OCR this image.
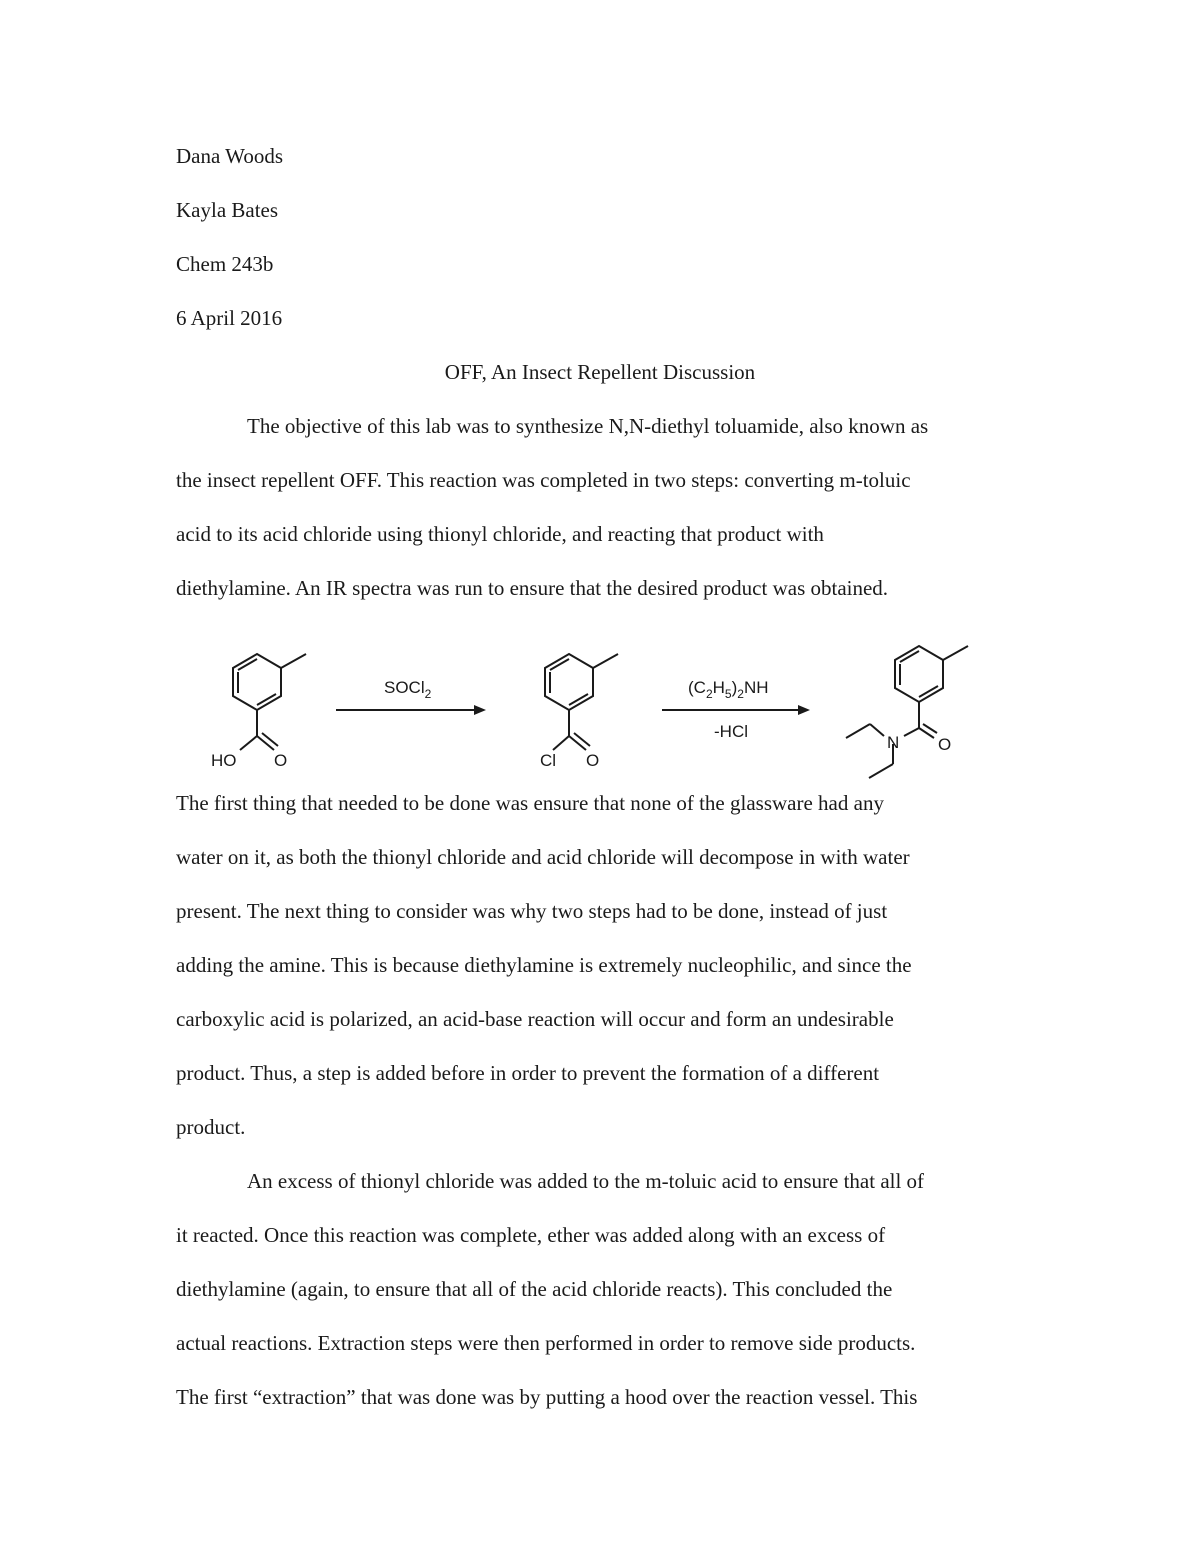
Dana Woods
Kayla Bates
Chem 243b
6 April 2016
OFF, An Insect Repellent Discussion
The objective of this lab was to synthesize N,N-diethyl toluamide, also known as
the insect repellent OFF. This reaction was completed in two steps: converting m-toluic
acid to its acid chloride using thionyl chloride, and reacting that product with
diethylamine. An IR spectra was run to ensure that the desired product was obtained.
HO O
SOCl$_2$
Cl O
$(C_2H_5)_2NH$
-HCl
N O
The first thing that needed to be done was ensure that none of the glassware had any
water on it, as both the thionyl chloride and acid chloride will decompose in with water
present. The next thing to consider was why two steps had to be done, instead of just
adding the amine. This is because diethylamine is extremely nucleophilic, and since the
carboxylic acid is polarized, an acid-base reaction will occur and form an undesirable
product. Thus, a step is added before in order to prevent the formation of a different
product.
An excess of thionyl chloride was added to the m-toluic acid to ensure that all of
it reacted. Once this reaction was complete, ether was added along with an excess of
diethylamine (again, to ensure that all of the acid chloride reacts). This concluded the
actual reactions. Extraction steps were then performed in order to remove side products.
The first “extraction” that was done was by putting a hood over the reaction vessel. This
